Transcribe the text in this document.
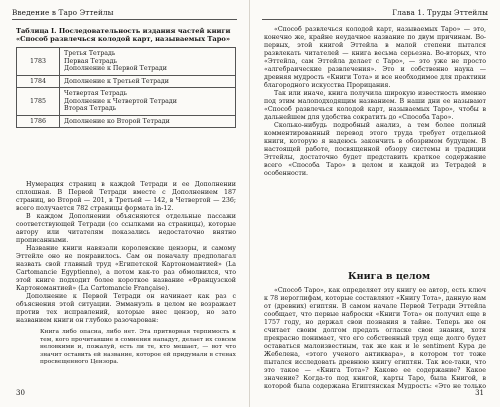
Введение в Таро Эттейлы
Таблица I. Последовательность издания частей книги «Способ развлечься колодой карт, называемых Таро»
1783	Третья Тетрадь
Первая Тетрадь
Дополнение к Первой Тетради

1784	Дополнение к Третьей Тетради

1785	Четвертая Тетрадь
Дополнение к Четвертой Тетради
Вторая Тетрадь

1786	Дополнение ко Второй Тетради

Нумерация страниц в каждой Тетради и ее Дополнении сплошная. В Первой Тетради вместе с Дополнением 187 страниц, во Второй — 201, в Третьей — 142, в Четвертой — 236; всего получается 782 страницы формата in-12.

В каждом Дополнении объясняются отдельные пассажи соответствующей Тетради (со ссылками на страницы), которые автору или читателям показались недостаточно внятно прописанными.

Название книги навязали королевские цензоры, и самому Эттейле оно не понравилось. Сам он поначалу предполагал назвать свой главный труд «Египетской Картономантией» (La Cartomancie Egyptienne), а потом как-то раз обмолвился, что этой книге подходит более короткое название «Французской Картономантией» (La Cartomancie Française).

Дополнение к Первой Тетради он начинает как раз с объяснения этой ситуации. Эммануэль в целом не возражает против тех исправлений, которые внес цензор, но зато названием книги он глубоко разочарован:

Книга либо опасна, либо нет. Эта притворная терпимость к тем, кого прочитавшие в сомнения нападут, делает их совсем неловкими и, пожалуй, есть ли те, кто мешает, — вот что значит оставить ей название, которое ей придумали в стенах просвещенного Цензора.

30
Глава 1. Труды Эттейлы

«Способ развлечься колодой карт, называемых Таро» — это, конечно же, крайне неудачное название по двум причинам. Во-первых, этой книгой Эттейла в малой степени пытался развлекать читателей — книга весьма серьезна. Во-вторых, что «Эттейла, сам Эттейла делает с Таро», — это уже не просто «алгебраические развлечения». Это и собственно наука — древняя мудрость «Книги Тота» и все необходимое для практики благородного искусства Прорицания.

Так или иначе, книга получила широкую известность именно под этим малоподходящим названием. В наши дни ее называют «Способ развлечься колодой карт, называемых Таро», чтобы в дальнейшем для удобства сократить до «Способа Таро».

Сколько-нибудь подробный анализ, а тем более полный комментированный перевод этого труда требует отдельной книги, которую я надеюсь закончить в обозримом будущем. В настоящей работе, посвященной обзору системы и традиции Эттейлы, достаточно будет представить краткое содержание всего «Способа Таро» в целом и каждой из Тетрадей в особенности.

Книга в целом

«Способ Таро», как определяет эту книгу ее автор, есть ключ к 78 иероглифам, которые составляют «Книгу Тота», данную нам от (древних) египтян. В самом начале Первой Тетради Эттейла сообщает, что первые наброски «Книги Тота» он получил еще в 1757 году, но держал свои познания в тайне. Теперь же он считает своим долгом предать огласке свои знания, хотя прекрасно понимает, что его собственный труд еще долго будет оставаться малоизвестным, так же как и le sentiment Кура де Жебелена, «этого ученого антиквара», в котором тот тоже пытался исследовать древнюю книгу египтян. Так все-таки, что это такое — «Книга Тота»? Каково ее содержание? Какое значение? Когда-то под книгой, карты Таро, была Книгой, в которой была содержана Египтянская Мудрость: «Это не только

31
